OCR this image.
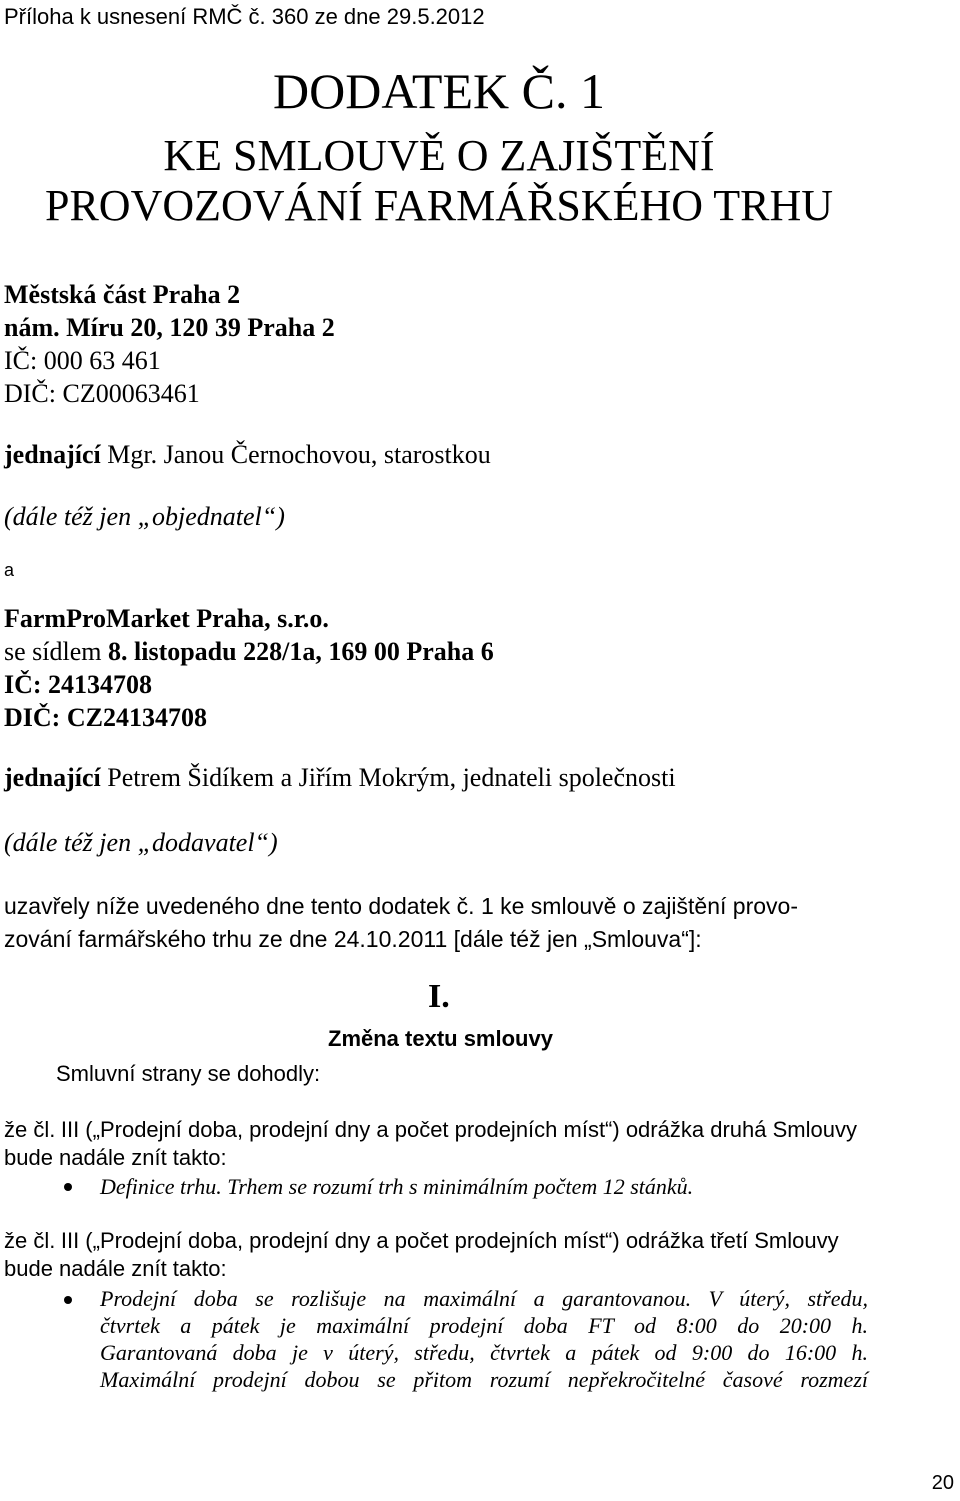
Příloha k usnesení RMČ č. 360 ze dne 29.5.2012
DODATEK Č. 1
KE SMLOUVĚ O ZAJIŠTĚNÍ
PROVOZOVÁNÍ FARMÁŘSKÉHO TRHU
Městská část Praha 2
nám. Míru 20, 120 39 Praha 2
IČ: 000 63 461
DIČ: CZ00063461
jednající Mgr. Janou Černochovou, starostkou
(dále též jen „objednatel“)
a
FarmProMarket Praha, s.r.o.
se sídlem 8. listopadu 228/1a, 169 00 Praha 6
IČ: 24134708
DIČ: CZ24134708
jednající Petrem Šidíkem a Jiřím Mokrým, jednateli společnosti
(dále též jen „dodavatel“)
uzavřely níže uvedeného dne tento dodatek č. 1 ke smlouvě o zajištění provo-
zování farmářského trhu ze dne 24.10.2011 [dále též jen „Smlouva“]:
I.
Změna textu smlouvy
Smluvní strany se dohodly:
že čl. III („Prodejní doba, prodejní dny a počet prodejních míst“) odrážka druhá Smlouvy
bude nadále znít takto:
Definice trhu. Trhem se rozumí trh s minimálním počtem 12 stánků.
že čl. III („Prodejní doba, prodejní dny a počet prodejních míst“) odrážka třetí Smlouvy
bude nadále znít takto:
Prodejní doba se rozlišuje na maximální a garantovanou. V úterý, středu,
čtvrtek a pátek je maximální prodejní doba FT od 8:00 do 20:00 h.
Garantovaná doba je v úterý, středu, čtvrtek a pátek od 9:00 do 16:00 h.
Maximální prodejní dobou se přitom rozumí nepřekročitelné časové rozmezí
20
